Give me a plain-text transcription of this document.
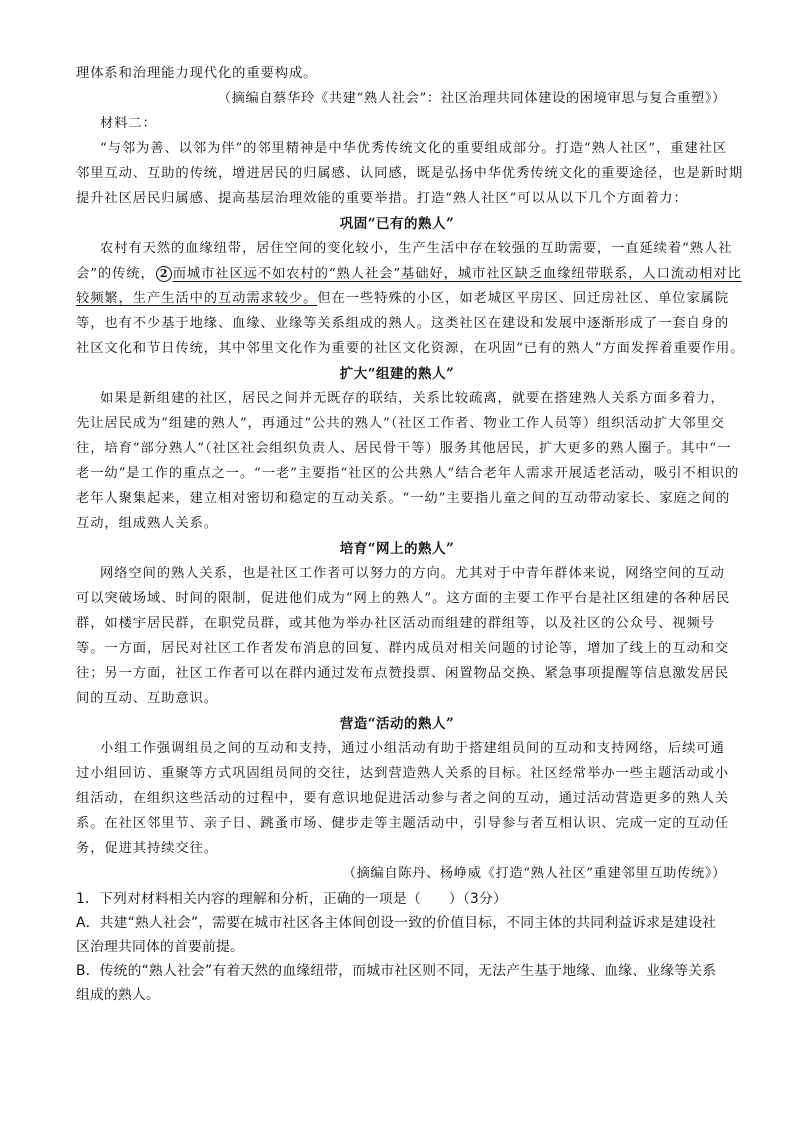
理体系和治理能力现代化的重要构成。
（摘编自蔡华玲《共建“熟人社会”：社区治理共同体建设的困境审思与复合重塑》）
材料二：
“与邻为善、以邻为伴”的邻里精神是中华优秀传统文化的重要组成部分。打造“熟人社区”，重建社区
邻里互动、互助的传统，增进居民的归属感、认同感，既是弘扬中华优秀传统文化的重要途径，也是新时期
提升社区居民归属感、提高基层治理效能的重要举措。打造“熟人社区”可以从以下几个方面着力：
巩固“已有的熟人”
农村有天然的血缘纽带，居住空间的变化较小，生产生活中存在较强的互助需要，一直延续着“熟人社
会”的传统， 2 而城市社区远不如农村的“熟人社会”基础好，城市社区缺乏血缘纽带联系，人口流动相对比
较频繁，生产生活中的互动需求较少。但在一些特殊的小区，如老城区平房区、回迁房社区、单位家属院
等，也有不少基于地缘、血缘、业缘等关系组成的熟人。这类社区在建设和发展中逐渐形成了一套自身的
社区文化和节日传统，其中邻里文化作为重要的社区文化资源，在巩固“已有的熟人”方面发挥着重要作用。
扩大“组建的熟人”
如果是新组建的社区，居民之间并无既存的联结，关系比较疏离，就要在搭建熟人关系方面多着力，
先让居民成为“组建的熟人”，再通过“公共的熟人”（社区工作者、物业工作人员等）组织活动扩大邻里交
往，培育“部分熟人”（社区社会组织负责人、居民骨干等）服务其他居民，扩大更多的熟人圈子。其中“一
老一幼”是工作的重点之一。“一老”主要指“社区的公共熟人”结合老年人需求开展适老活动，吸引不相识的
老年人聚集起来，建立相对密切和稳定的互动关系。“一幼”主要指儿童之间的互动带动家长、家庭之间的
互动，组成熟人关系。
培育“网上的熟人”
网络空间的熟人关系，也是社区工作者可以努力的方向。尤其对于中青年群体来说，网络空间的互动
可以突破场域、时间的限制，促进他们成为“网上的熟人”。这方面的主要工作平台是社区组建的各种居民
群，如楼宇居民群，在职党员群，或其他为举办社区活动而组建的群组等，以及社区的公众号、视频号
等。一方面，居民对社区工作者发布消息的回复、群内成员对相关问题的讨论等，增加了线上的互动和交
往；另一方面，社区工作者可以在群内通过发布点赞投票、闲置物品交换、紧急事项提醒等信息激发居民
间的互动、互助意识。
营造“活动的熟人”
小组工作强调组员之间的互动和支持，通过小组活动有助于搭建组员间的互动和支持网络，后续可通
过小组回访、重聚等方式巩固组员间的交往，达到营造熟人关系的目标。社区经常举办一些主题活动或小
组活动，在组织这些活动的过程中，要有意识地促进活动参与者之间的互动，通过活动营造更多的熟人关
系。在社区邻里节、亲子日、跳蚤市场、健步走等主题活动中，引导参与者互相认识、完成一定的互动任
务，促进其持续交往。
（摘编自陈丹、杨峥威《打造“熟人社区”重建邻里互助传统》）
1．下列对材料相关内容的理解和分析，正确的一项是（　　）（3分）
A．共建“熟人社会”，需要在城市社区各主体间创设一致的价值目标，不同主体的共同利益诉求是建设社
区治理共同体的首要前提。
B．传统的“熟人社会”有着天然的血缘纽带，而城市社区则不同，无法产生基于地缘、血缘、业缘等关系
组成的熟人。
